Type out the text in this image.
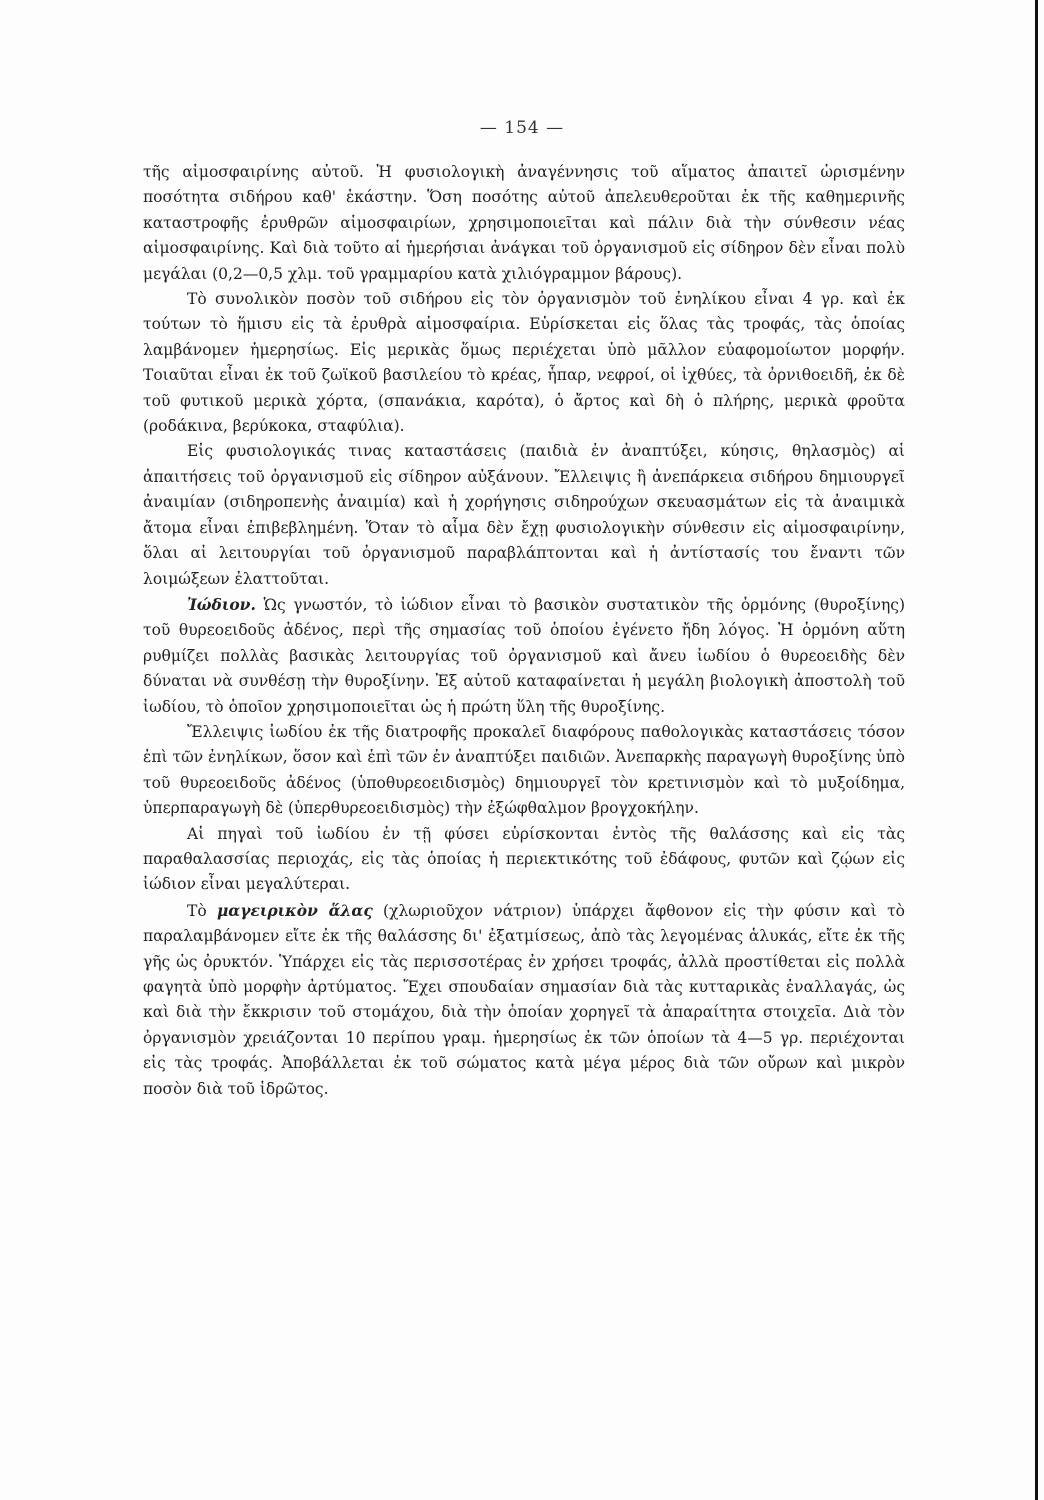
— 154 —

τῆς αἱμοσφαιρίνης αὐτοῦ. Ἡ φυσιολογικὴ ἀναγέννησις τοῦ αἵματος ἀπαιτεῖ ὡρισμένην ποσότητα σιδήρου καθ' ἑκάστην. Ὅση ποσότης αὐτοῦ ἀπελευθεροῦται ἐκ τῆς καθημερινῆς καταστροφῆς ἐρυθρῶν αἱμοσφαιρίων, χρησιμοποιεῖται καὶ πάλιν διὰ τὴν σύνθεσιν νέας αἱμοσφαιρίνης. Καὶ διὰ τοῦτο αἱ ἡμερήσιαι ἀνάγκαι τοῦ ὀργανισμοῦ εἰς σίδηρον δὲν εἶναι πολὺ μεγάλαι (0,2—0,5 χλμ. τοῦ γραμμαρίου κατὰ χιλιόγραμμον βάρους).

Τὸ συνολικὸν ποσὸν τοῦ σιδήρου εἰς τὸν ὀργανισμὸν τοῦ ἐνηλίκου εἶναι 4 γρ. καὶ ἐκ τούτων τὸ ἥμισυ εἰς τὰ ἐρυθρὰ αἱμοσφαίρια. Εὑρίσκεται εἰς ὅλας τὰς τροφάς, τὰς ὁποίας λαμβάνομεν ἡμερησίως. Εἰς μερικὰς ὅμως περιέχεται ὑπὸ μᾶλλον εὐαφομοίωτον μορφήν. Τοιαῦται εἶναι ἐκ τοῦ ζωϊκοῦ βασιλείου τὸ κρέας, ἧπαρ, νεφροί, οἱ ἰχθύες, τὰ ὀρνιθοειδῆ, ἐκ δὲ τοῦ φυτικοῦ μερικὰ χόρτα, (σπανάκια, καρότα), ὁ ἄρτος καὶ δὴ ὁ πλήρης, μερικὰ φροῦτα (ροδάκινα, βερύκοκα, σταφύλια).

Εἰς φυσιολογικάς τινας καταστάσεις (παιδιὰ ἐν ἀναπτύξει, κύησις, θηλασμὸς) αἱ ἀπαιτήσεις τοῦ ὀργανισμοῦ εἰς σίδηρον αὐξάνουν. Ἔλλειψις ἢ ἀνεπάρκεια σιδήρου δημιουργεῖ ἀναιμίαν (σιδηροπενὴς ἀναιμία) καὶ ἡ χορήγησις σιδηρούχων σκευασμάτων εἰς τὰ ἀναιμικὰ ἄτομα εἶναι ἐπιβεβλημένη. Ὅταν τὸ αἷμα δὲν ἔχῃ φυσιολογικὴν σύνθεσιν εἰς αἱμοσφαιρίνην, ὅλαι αἱ λειτουργίαι τοῦ ὀργανισμοῦ παραβλάπτονται καὶ ἡ ἀντίστασίς του ἔναντι τῶν λοιμώξεων ἐλαττοῦται.

Ἰώδιον. Ὡς γνωστόν, τὸ ἰώδιον εἶναι τὸ βασικὸν συστατικὸν τῆς ὁρμόνης (θυροξίνης) τοῦ θυρεοειδοῦς ἀδένος, περὶ τῆς σημασίας τοῦ ὁποίου ἐγένετο ἤδη λόγος. Ἡ ὁρμόνη αὕτη ρυθμίζει πολλὰς βασικὰς λειτουργίας τοῦ ὀργανισμοῦ καὶ ἄνευ ἰωδίου ὁ θυρεοειδὴς δὲν δύναται νὰ συνθέσῃ τὴν θυροξίνην. Ἐξ αὐτοῦ καταφαίνεται ἡ μεγάλη βιολογικὴ ἀποστολὴ τοῦ ἰωδίου, τὸ ὁποῖον χρησιμοποιεῖται ὡς ἡ πρώτη ὕλη τῆς θυροξίνης.

Ἔλλειψις ἰωδίου ἐκ τῆς διατροφῆς προκαλεῖ διαφόρους παθολογικὰς καταστάσεις τόσον ἐπὶ τῶν ἐνηλίκων, ὅσον καὶ ἐπὶ τῶν ἐν ἀναπτύξει παιδιῶν. Ἀνεπαρκὴς παραγωγὴ θυροξίνης ὑπὸ τοῦ θυρεοειδοῦς ἀδένος (ὑποθυρεοειδισμὸς) δημιουργεῖ τὸν κρετινισμὸν καὶ τὸ μυξοίδημα, ὑπερπαραγωγὴ δὲ (ὑπερθυρεοειδισμὸς) τὴν ἐξώφθαλμον βρογχοκήλην.

Αἱ πηγαὶ τοῦ ἰωδίου ἐν τῇ φύσει εὑρίσκονται ἐντὸς τῆς θαλάσσης καὶ εἰς τὰς παραθαλασσίας περιοχάς, εἰς τὰς ὁποίας ἡ περιεκτικότης τοῦ ἐδάφους, φυτῶν καὶ ζῴων εἰς ἰώδιον εἶναι μεγαλύτεραι.

Τὸ μαγειρικὸν ἅλας (χλωριοῦχον νάτριον) ὑπάρχει ἄφθονον εἰς τὴν φύσιν καὶ τὸ παραλαμβάνομεν εἴτε ἐκ τῆς θαλάσσης δι' ἐξατμίσεως, ἀπὸ τὰς λεγομένας ἁλυκάς, εἴτε ἐκ τῆς γῆς ὡς ὀρυκτόν. Ὑπάρχει εἰς τὰς περισσοτέρας ἐν χρήσει τροφάς, ἀλλὰ προστίθεται εἰς πολλὰ φαγητὰ ὑπὸ μορφὴν ἀρτύματος. Ἔχει σπουδαίαν σημασίαν διὰ τὰς κυτταρικὰς ἐναλλαγάς, ὡς καὶ διὰ τὴν ἔκκρισιν τοῦ στομάχου, διὰ τὴν ὁποίαν χορηγεῖ τὰ ἀπαραίτητα στοιχεῖα. Διὰ τὸν ὀργανισμὸν χρειάζονται 10 περίπου γραμ. ἡμερησίως ἐκ τῶν ὁποίων τὰ 4—5 γρ. περιέχονται εἰς τὰς τροφάς. Ἀποβάλλεται ἐκ τοῦ σώματος κατὰ μέγα μέρος διὰ τῶν οὔρων καὶ μικρὸν ποσὸν διὰ τοῦ ἱδρῶτος.
